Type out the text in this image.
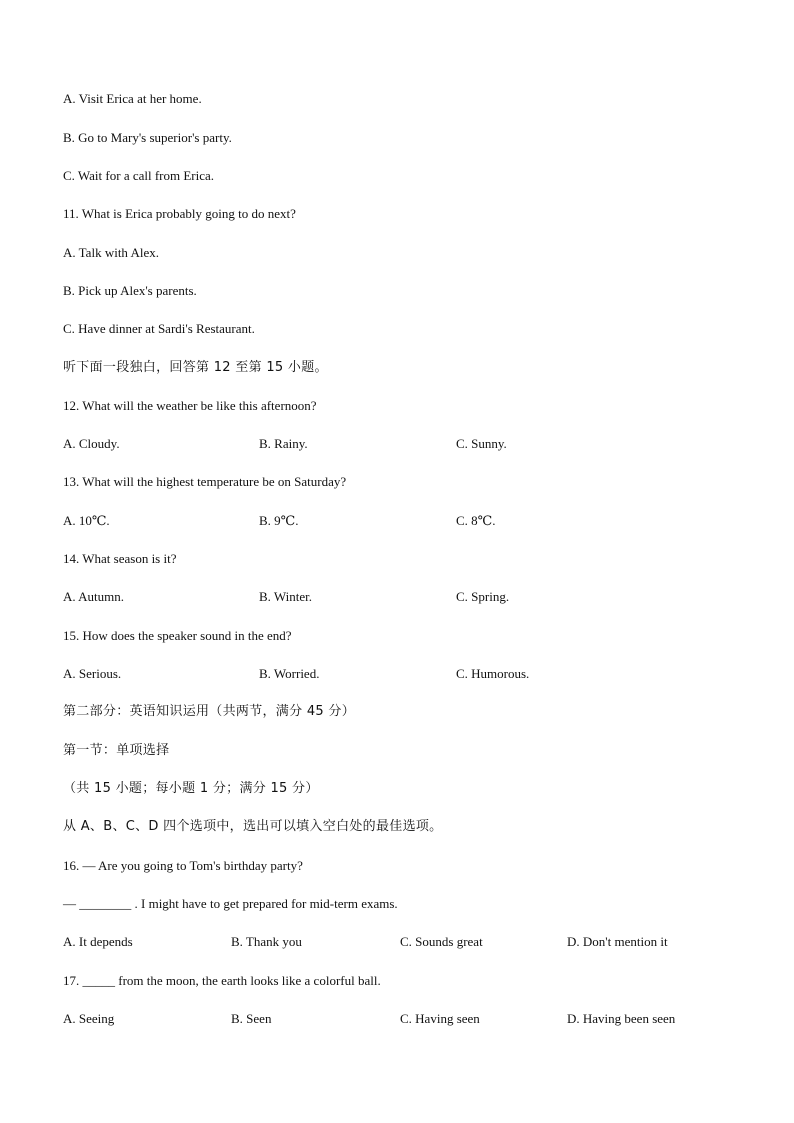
A. Visit Erica at her home.
B. Go to Mary's superior's party.
C. Wait for a call from Erica.
11. What is Erica probably going to do next?
A. Talk with Alex.
B. Pick up Alex's parents.
C. Have dinner at Sardi's Restaurant.
听下面一段独白，回答第 12 至第 15 小题。
12. What will the weather be like this afternoon?
A. Cloudy.	B. Rainy.	C. Sunny.
13. What will the highest temperature be on Saturday?
A. 10℃.	B. 9℃.	C. 8℃.
14. What season is it?
A. Autumn.	B. Winter.	C. Spring.
15. How does the speaker sound in the end?
A. Serious.	B. Worried.	C. Humorous.
第二部分：英语知识运用（共两节，满分 45 分）
第一节：单项选择
（共 15 小题；每小题 1 分；满分 15 分）
从 A、B、C、D 四个选项中，选出可以填入空白处的最佳选项。
16. — Are you going to Tom's birthday party?
— ________ . I might have to get prepared for mid-term exams.
A. It depends	B. Thank you	C. Sounds great	D. Don't mention it
17. _____ from the moon, the earth looks like a colorful ball.
A. Seeing	B. Seen	C. Having seen	D. Having been seen
